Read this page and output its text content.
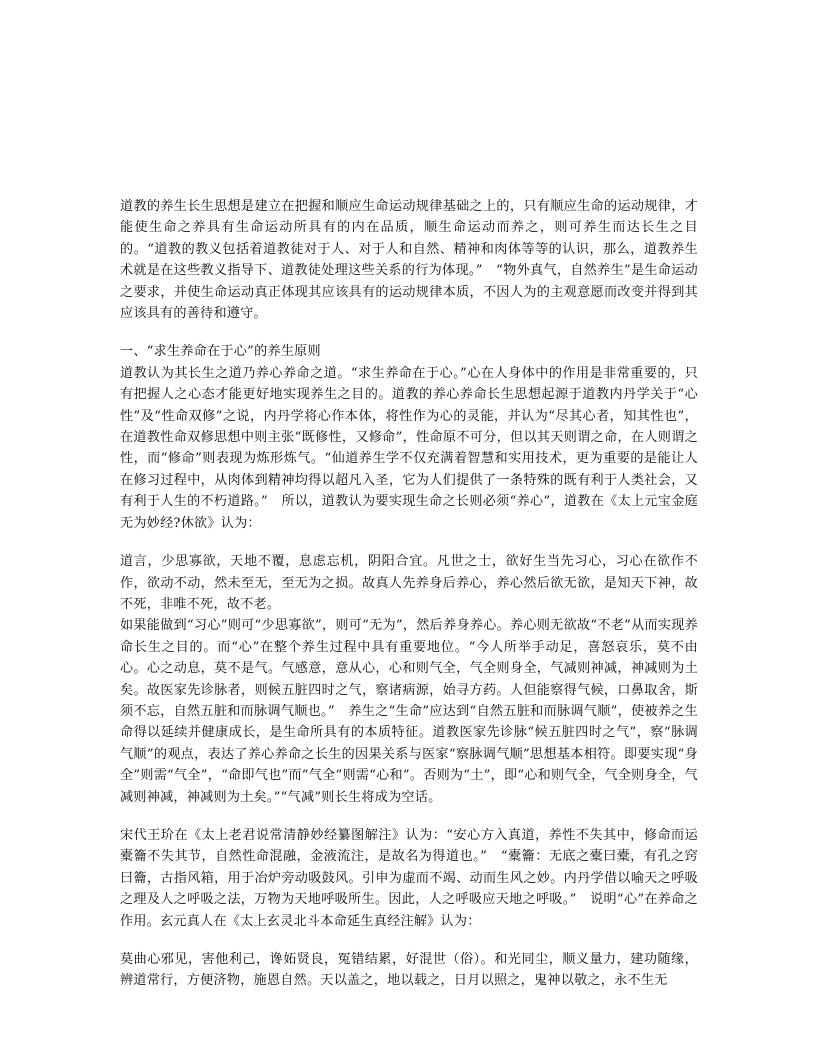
道教的养生长生思想是建立在把握和顺应生命运动规律基础之上的，只有顺应生命的运动规律，才能使生命之养具有生命运动所具有的内在品质，顺生命运动而养之，则可养生而达长生之目的。“道教的教义包括着道教徒对于人、对于人和自然、精神和肉体等等的认识，那么，道教养生术就是在这些教义指导下、道教徒处理这些关系的行为体现。”　“物外真气，自然养生”是生命运动之要求，并使生命运动真正体现其应该具有的运动规律本质，不因人为的主观意愿而改变并得到其应该具有的善待和遵守。

一、“求生养命在于心”的养生原则

道教认为其长生之道乃养心养命之道。“求生养命在于心。”心在人身体中的作用是非常重要的，只有把握人之心态才能更好地实现养生之目的。道教的养心养命长生思想起源于道教内丹学关于“心性”及“性命双修”之说，内丹学将心作本体，将性作为心的灵能，并认为“尽其心者，知其性也”，在道教性命双修思想中则主张“既修性，又修命”，性命原不可分，但以其天则谓之命，在人则谓之性，而“修命”则表现为炼形炼气。“仙道养生学不仅充满着智慧和实用技术，更为重要的是能让人在修习过程中，从肉体到精神均得以超凡入圣，它为人们提供了一条特殊的既有利于人类社会，又有利于人生的不朽道路。”　所以，道教认为要实现生命之长则必须“养心”，道教在《太上元宝金庭无为妙经?休欲》认为：

道言，少思寡欲，天地不覆，息虑忘机，阴阳合宜。凡世之士，欲好生当先习心，习心在欲作不作，欲动不动，然未至无，至无为之损。故真人先养身后养心，养心然后欲无欲，是知天下神，故不死，非唯不死，故不老。

如果能做到“习心”则可“少思寡欲”，则可“无为”，然后养身养心。养心则无欲故“不老”从而实现养命长生之目的。而“心”在整个养生过程中具有重要地位。“今人所举手动足，喜怒哀乐，莫不由心。心之动息，莫不是气。气感意，意从心，心和则气全，气全则身全，气减则神减，神减则为土矣。故医家先诊脉者，则候五脏四时之气，察诸病源，始寻方药。人但能察得气候，口鼻取舍，斯须不忘，自然五脏和而脉调气顺也。”　养生之“生命”应达到“自然五脏和而脉调气顺”，使被养之生命得以延续并健康成长，是生命所具有的本质特征。道教医家先诊脉“候五脏四时之气”，察“脉调气顺”的观点，表达了养心养命之长生的因果关系与医家“察脉调气顺”思想基本相符。即要实现“身全”则需“气全”，“命即气也”而“气全”则需“心和”。否则为“土”，即“心和则气全，气全则身全，气减则神减，神减则为土矣。”“气减”则长生将成为空话。

宋代王玠在《太上老君说常清静妙经纂图解注》认为：“安心方入真道，养性不失其中，修命而运橐籥不失其节，自然性命混融，金液流注，是故名为得道也。”　“橐籥：无底之橐曰橐，有孔之窍曰籥，古指风箱，用于冶炉旁动吸鼓风。引申为虚而不竭、动而生风之妙。内丹学借以喻天之呼吸之理及人之呼吸之法，万物为天地呼吸所生。因此，人之呼吸应天地之呼吸。”　说明“心”在养命之作用。玄元真人在《太上玄灵北斗本命延生真经注解》认为：

莫曲心邪见，害他利己，谗妬贤良，冤错结累，好混世（俗）。和光同尘，顺义量力，建功随缘，辨道常行，方便济物，施恩自然。天以盖之，地以载之，日月以照之，鬼神以敬之，永不生无
